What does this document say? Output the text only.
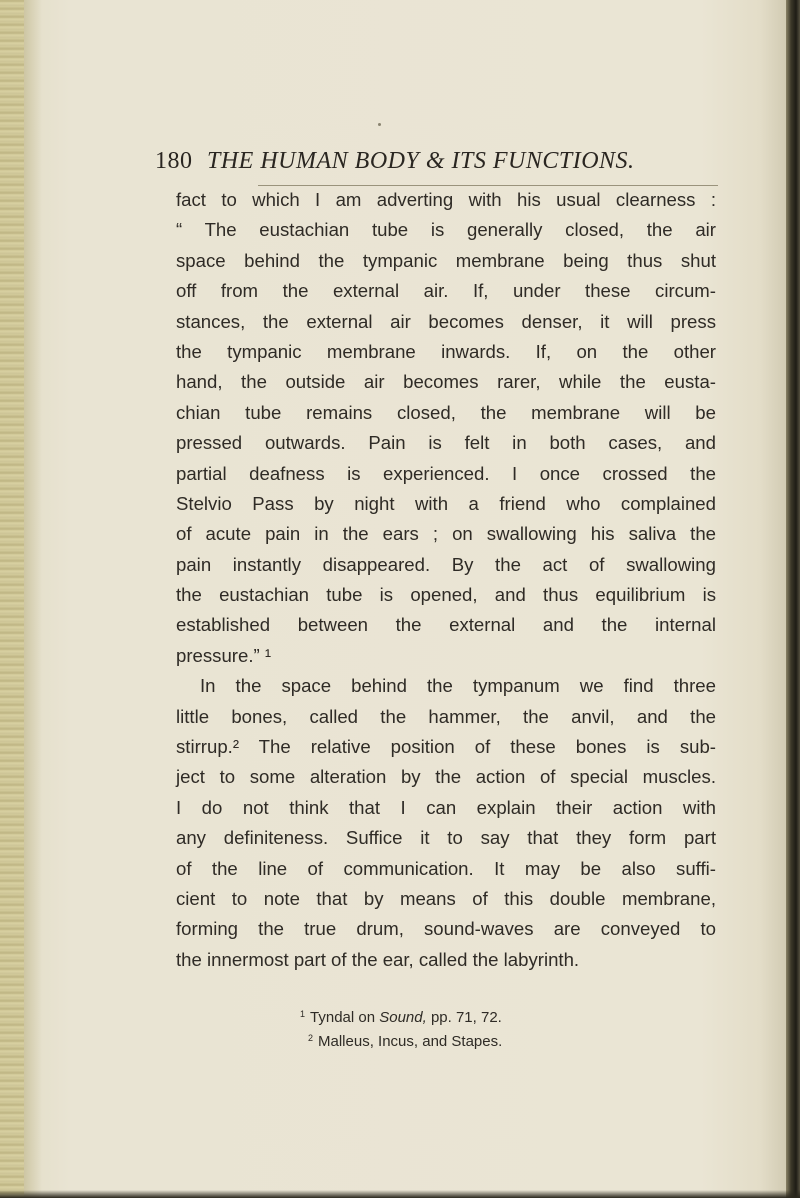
180 THE HUMAN BODY & ITS FUNCTIONS.
fact to which I am adverting with his usual clearness :
“ The eustachian tube is generally closed, the air
space behind the tympanic membrane being thus shut
off from the external air. If, under these circum-
stances, the external air becomes denser, it will press
the tympanic membrane inwards. If, on the other
hand, the outside air becomes rarer, while the eusta-
chian tube remains closed, the membrane will be
pressed outwards. Pain is felt in both cases, and
partial deafness is experienced. I once crossed the
Stelvio Pass by night with a friend who complained
of acute pain in the ears ; on swallowing his saliva the
pain instantly disappeared. By the act of swallowing
the eustachian tube is opened, and thus equilibrium is
established between the external and the internal
pressure.” ¹
In the space behind the tympanum we find three
little bones, called the hammer, the anvil, and the
stirrup.² The relative position of these bones is sub-
ject to some alteration by the action of special muscles.
I do not think that I can explain their action with
any definiteness. Suffice it to say that they form part
of the line of communication. It may be also suffi-
cient to note that by means of this double membrane,
forming the true drum, sound-waves are conveyed to
the innermost part of the ear, called the labyrinth.
$^1$ Tyndal on Sound, pp. 71, 72.
$^2$ Malleus, Incus, and Stapes.
